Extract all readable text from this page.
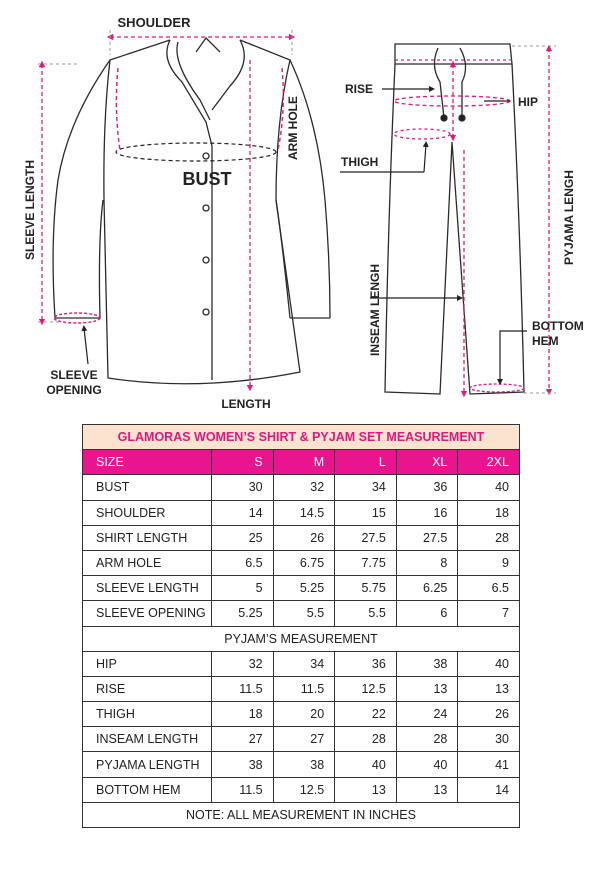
SHOULDER
ARM HOLE
BUST
SLEEVE LENGTH
SLEEVE
OPENING
LENGTH
RISE
HIP
THIGH
PYJAMA LENGH
INSEAM LENGH	BOTTOM
HEM
GLAMORAS WOMEN’S SHIRT & PYJAM SET MEASUREMENT					
SIZE	S	M	L	XL	2XL
BUST	30	32	34	36	40
SHOULDER	14	14.5	15	16	18
SHIRT LENGTH	25	26	27.5	27.5	28
ARM HOLE	6.5	6.75	7.75	8	9
SLEEVE LENGTH	5	5.25	5.75	6.25	6.5
SLEEVE OPENING	5.25	5.5	5.5	6	7
PYJAM’S MEASUREMENT					
HIP	32	34	36	38	40
RISE	11.5	11.5	12.5	13	13
THIGH	18	20	22	24	26
INSEAM LENGTH	27	27	28	28	30
PYJAMA LENGTH	38	38	40	40	41
BOTTOM HEM	11.5	12.5	13	13	14
NOTE: ALL MEASUREMENT IN INCHES					
